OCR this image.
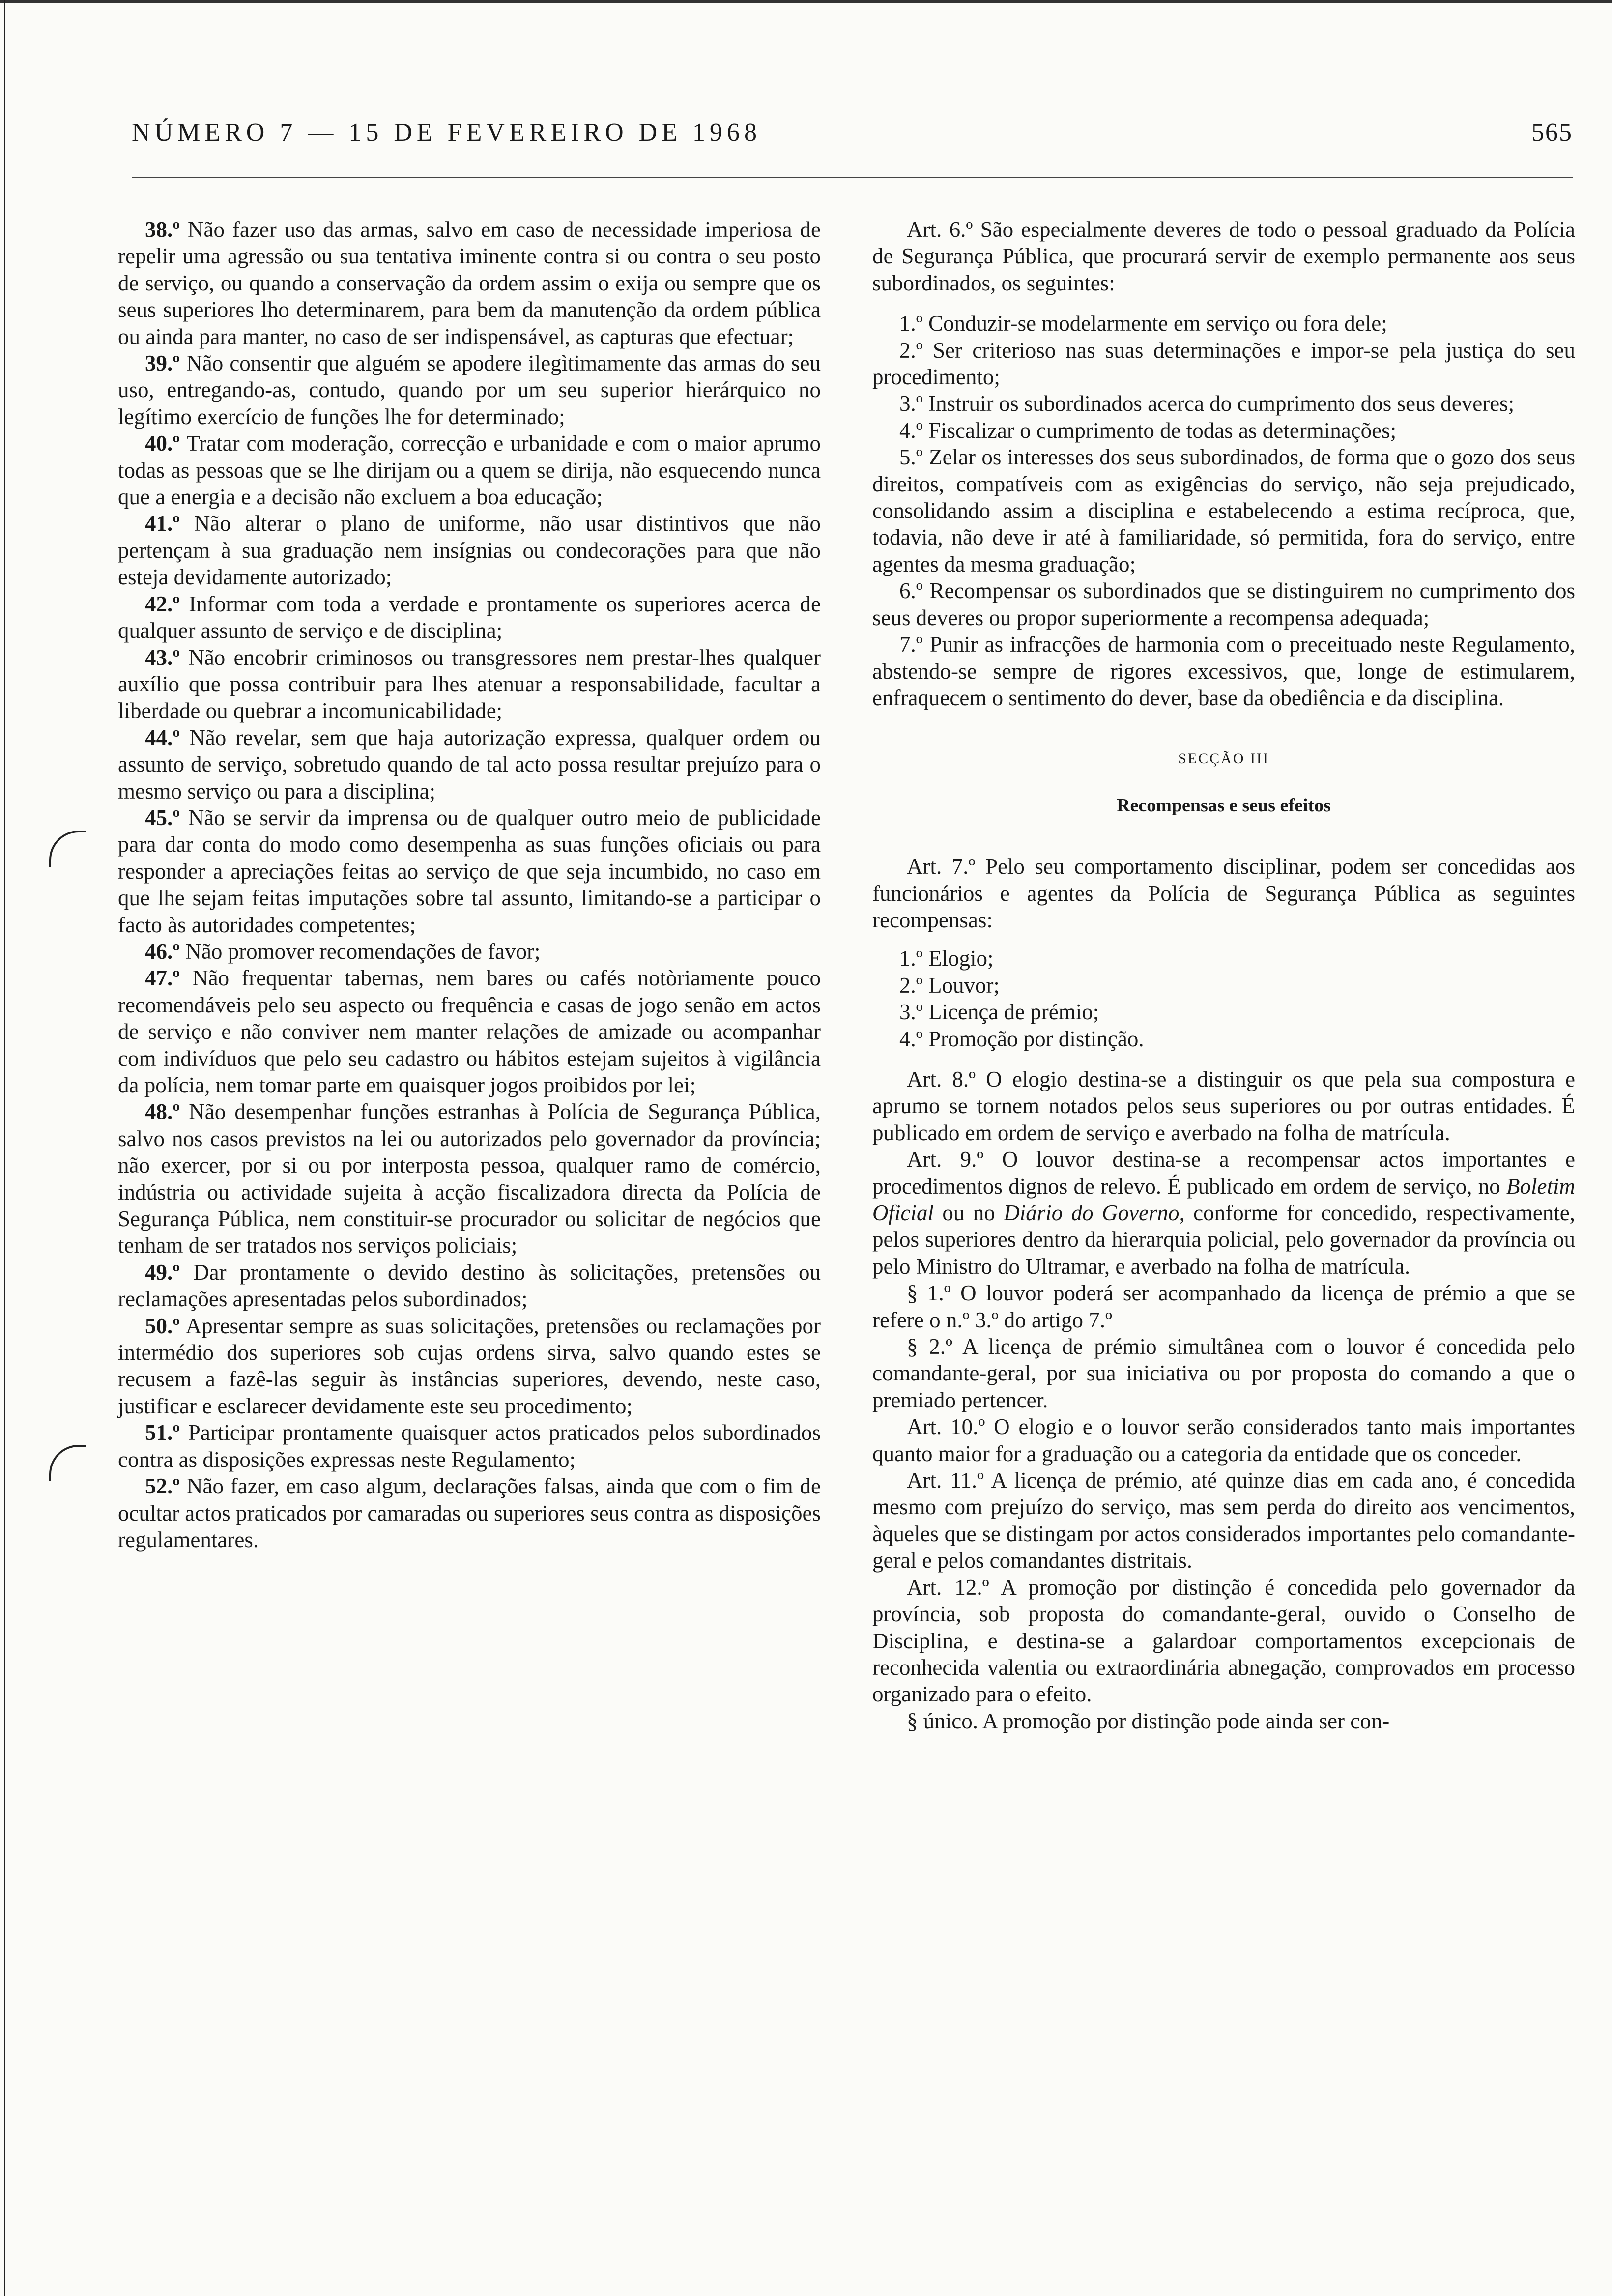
NÚMERO 7 — 15 DE FEVEREIRO DE 1968	565

38.º Não fazer uso das armas, salvo em caso de necessidade imperiosa de repelir uma agressão ou sua tentativa iminente contra si ou contra o seu posto de serviço, ou quando a conservação da ordem assim o exija ou sempre que os seus superiores lho determinarem, para bem da manutenção da ordem pública ou ainda para manter, no caso de ser indispensável, as capturas que efectuar;

39.º Não consentir que alguém se apodere ilegìtimamente das armas do seu uso, entregando-as, contudo, quando por um seu superior hierárquico no legítimo exercício de funções lhe for determinado;

40.º Tratar com moderação, correcção e urbanidade e com o maior aprumo todas as pessoas que se lhe dirijam ou a quem se dirija, não esquecendo nunca que a energia e a decisão não excluem a boa educação;

41.º Não alterar o plano de uniforme, não usar distintivos que não pertençam à sua graduação nem insígnias ou condecorações para que não esteja devidamente autorizado;

42.º Informar com toda a verdade e prontamente os superiores acerca de qualquer assunto de serviço e de disciplina;

43.º Não encobrir criminosos ou transgressores nem prestar-lhes qualquer auxílio que possa contribuir para lhes atenuar a responsabilidade, facultar a liberdade ou quebrar a incomunicabilidade;

44.º Não revelar, sem que haja autorização expressa, qualquer ordem ou assunto de serviço, sobretudo quando de tal acto possa resultar prejuízo para o mesmo serviço ou para a disciplina;

45.º Não se servir da imprensa ou de qualquer outro meio de publicidade para dar conta do modo como desempenha as suas funções oficiais ou para responder a apreciações feitas ao serviço de que seja incumbido, no caso em que lhe sejam feitas imputações sobre tal assunto, limitando-se a participar o facto às autoridades competentes;

46.º Não promover recomendações de favor;

47.º Não frequentar tabernas, nem bares ou cafés notòriamente pouco recomendáveis pelo seu aspecto ou frequência e casas de jogo senão em actos de serviço e não conviver nem manter relações de amizade ou acompanhar com indivíduos que pelo seu cadastro ou hábitos estejam sujeitos à vigilância da polícia, nem tomar parte em quaisquer jogos proibidos por lei;

48.º Não desempenhar funções estranhas à Polícia de Segurança Pública, salvo nos casos previstos na lei ou autorizados pelo governador da província; não exercer, por si ou por interposta pessoa, qualquer ramo de comércio, indústria ou actividade sujeita à acção fiscalizadora directa da Polícia de Segurança Pública, nem constituir-se procurador ou solicitar de negócios que tenham de ser tratados nos serviços policiais;

49.º Dar prontamente o devido destino às solicitações, pretensões ou reclamações apresentadas pelos subordinados;

50.º Apresentar sempre as suas solicitações, pretensões ou reclamações por intermédio dos superiores sob cujas ordens sirva, salvo quando estes se recusem a fazê-las seguir às instâncias superiores, devendo, neste caso, justificar e esclarecer devidamente este seu procedimento;

51.º Participar prontamente quaisquer actos praticados pelos subordinados contra as disposições expressas neste Regulamento;

52.º Não fazer, em caso algum, declarações falsas, ainda que com o fim de ocultar actos praticados por camaradas ou superiores seus contra as disposições regulamentares.

Art. 6.º São especialmente deveres de todo o pessoal graduado da Polícia de Segurança Pública, que procurará servir de exemplo permanente aos seus subordinados, os seguintes:

1.º Conduzir-se modelarmente em serviço ou fora dele;

2.º Ser criterioso nas suas determinações e impor-se pela justiça do seu procedimento;

3.º Instruir os subordinados acerca do cumprimento dos seus deveres;

4.º Fiscalizar o cumprimento de todas as determinações;

5.º Zelar os interesses dos seus subordinados, de forma que o gozo dos seus direitos, compatíveis com as exigências do serviço, não seja prejudicado, consolidando assim a disciplina e estabelecendo a estima recíproca, que, todavia, não deve ir até à familiaridade, só permitida, fora do serviço, entre agentes da mesma graduação;

6.º Recompensar os subordinados que se distinguirem no cumprimento dos seus deveres ou propor superiormente a recompensa adequada;

7.º Punir as infracções de harmonia com o preceituado neste Regulamento, abstendo-se sempre de rigores excessivos, que, longe de estimularem, enfraquecem o sentimento do dever, base da obediência e da disciplina.

SECÇÃO III
Recompensas e seus efeitos

Art. 7.º Pelo seu comportamento disciplinar, podem ser concedidas aos funcionários e agentes da Polícia de Segurança Pública as seguintes recompensas:

1.º Elogio;
2.º Louvor;
3.º Licença de prémio;
4.º Promoção por distinção.

Art. 8.º O elogio destina-se a distinguir os que pela sua compostura e aprumo se tornem notados pelos seus superiores ou por outras entidades. É publicado em ordem de serviço e averbado na folha de matrícula.

Art. 9.º O louvor destina-se a recompensar actos importantes e procedimentos dignos de relevo. É publicado em ordem de serviço, no Boletim Oficial ou no Diário do Governo, conforme for concedido, respectivamente, pelos superiores dentro da hierarquia policial, pelo governador da província ou pelo Ministro do Ultramar, e averbado na folha de matrícula.

§ 1.º O louvor poderá ser acompanhado da licença de prémio a que se refere o n.º 3.º do artigo 7.º

§ 2.º A licença de prémio simultânea com o louvor é concedida pelo comandante-geral, por sua iniciativa ou por proposta do comando a que o premiado pertencer.

Art. 10.º O elogio e o louvor serão considerados tanto mais importantes quanto maior for a graduação ou a categoria da entidade que os conceder.

Art. 11.º A licença de prémio, até quinze dias em cada ano, é concedida mesmo com prejuízo do serviço, mas sem perda do direito aos vencimentos, àqueles que se distingam por actos considerados importantes pelo comandante-geral e pelos comandantes distritais.

Art. 12.º A promoção por distinção é concedida pelo governador da província, sob proposta do comandante-geral, ouvido o Conselho de Disciplina, e destina-se a galardoar comportamentos excepcionais de reconhecida valentia ou extraordinária abnegação, comprovados em processo organizado para o efeito.

§ único. A promoção por distinção pode ainda ser con-
